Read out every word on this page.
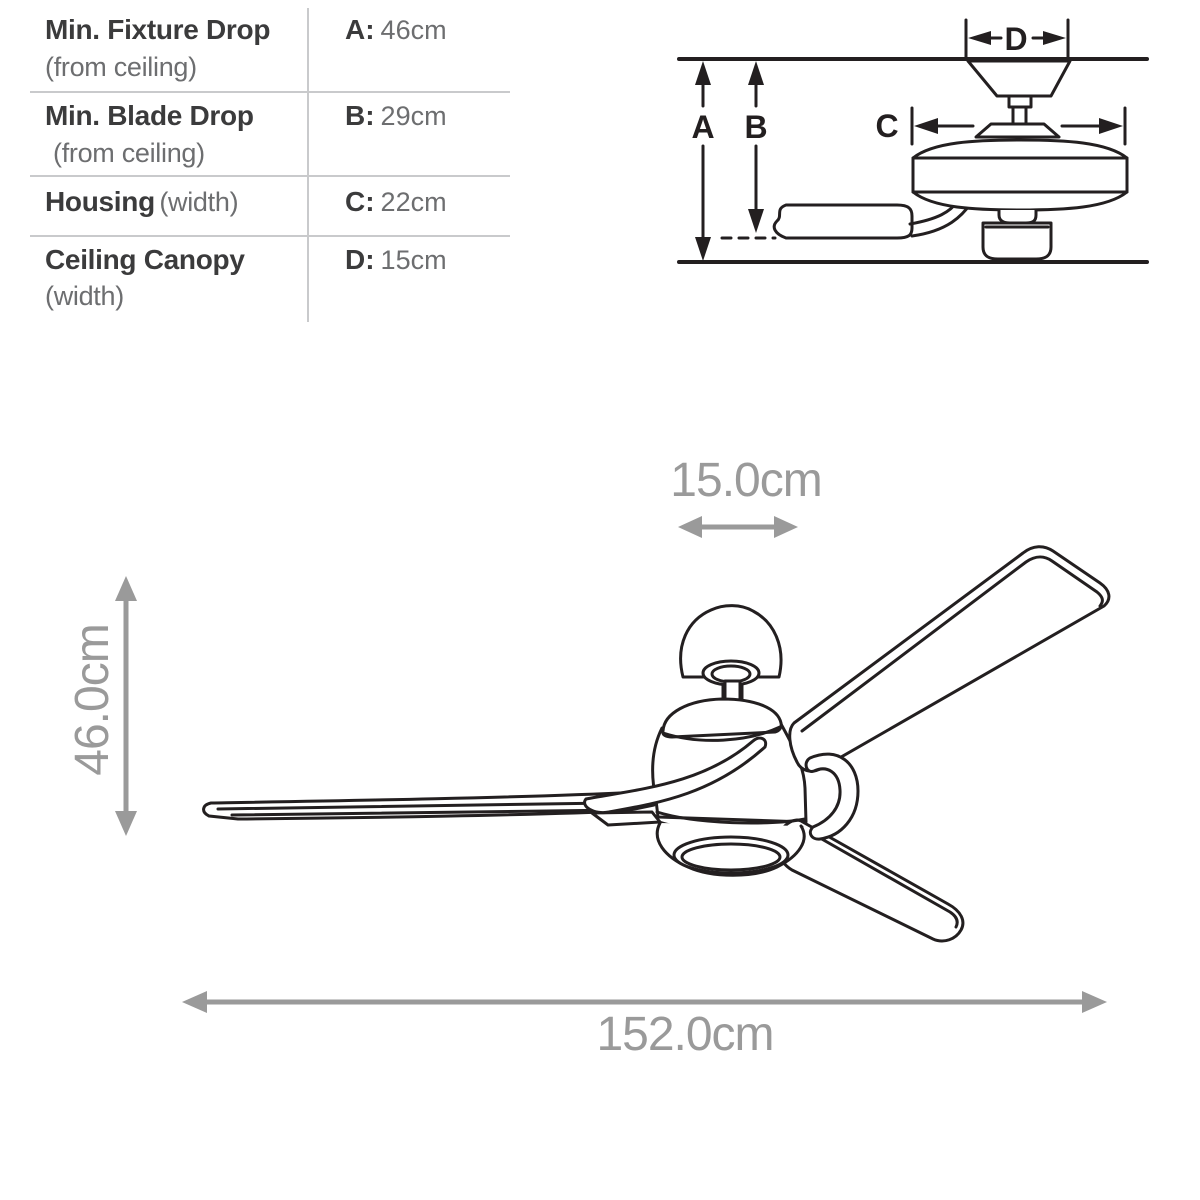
Min. Fixture Drop
(from ceiling)
A: 46cm
Min. Blade Drop
(from ceiling)
B: 29cm
Housing (width)	C: 22cm
Ceiling Canopy
(width)
D: 15cm
A B
D
C
15.0cm
46.0cm
152.0cm
